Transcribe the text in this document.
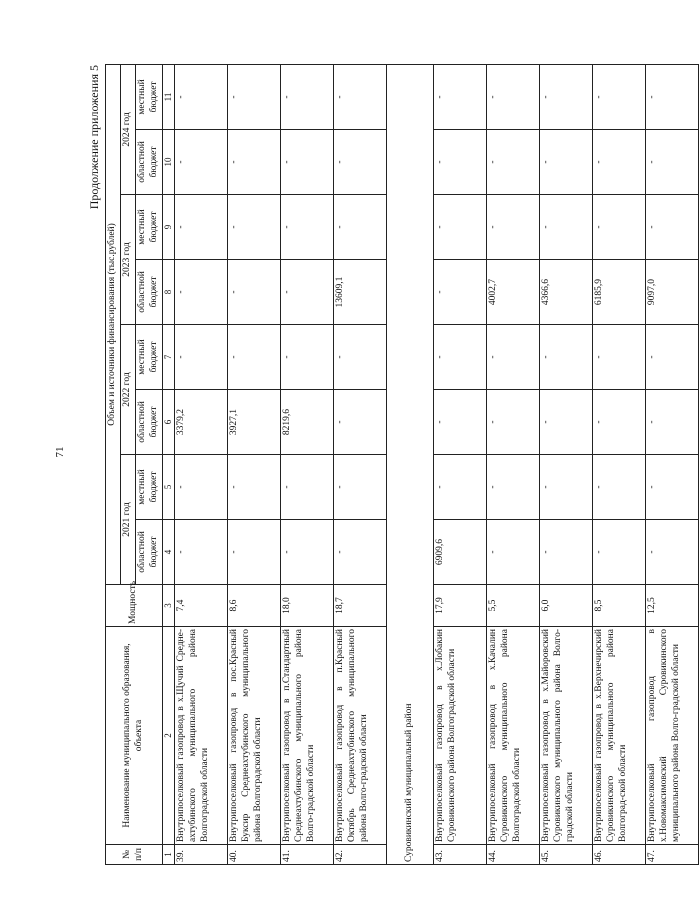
71
Продолжение приложения 5
№ п/п	Наименование муниципального образования, объекта	Мощность	Объем и источники финансирования (тыс.рублей)							
			2021 год		2022 год		2023 год		2024 год	
			областной бюджет	местный бюджет	областной бюджет	местный бюджет	областной бюджет	местный бюджет	областной бюджет	местный бюджет
1	2	3	4	5	6	7	8	9	10	11
39.	Внутрипоселковый газопровод в х.Щучий Средне-ахтубинского муниципального района Волгоградской области	7,4	-	-	3379,2	-	-	-	-	-
40.	Внутрипоселковый газопровод в пос.Красный Буксир Среднеахтубинского муниципального района Волгоградской области	8,6	-	-	3927,1	-	-	-	-	-
41.	Внутрипоселковый газопровод в п.Стандартный Среднеахтубинского муниципального района Волго-градской области	18,0	-	-	8219,6	-	-	-	-	-
42.	Внутрипоселковый газопровод в п.Красный Октябрь Среднеахтубинского муниципального района Волго-градской области	18,7	-	-	-	-	13609,1	-	-	-
Суровикинский муниципальный район										
43.	Внутрипоселковый газопровод в х.Лобакин Суровикинского района Волгоградской области	17,9	6909,6	-	-	-	-	-	-	-
44.	Внутрипоселковый газопровод в х.Качалин Суровикинского муниципального района Волгоградской области	5,5	-	-	-	-	4002,7	-	-	-
45.	Внутрипоселковый газопровод в х.Майоровский Суровикинского муниципального района Волго-градской области	6,0	-	-	-	-	4366,6	-	-	-
46.	Внутрипоселковый газопровод в х.Верхнечирский Суровикинского муниципального района Волгоград-ской области	8,5	-	-	-	-	6185,9	-	-	-
47.	Внутрипоселковый газопровод в х.Новомаксимовский Суровикинского муниципального района Волго-градской области	12,5	-	-	-	-	9097,0	-	-	-
